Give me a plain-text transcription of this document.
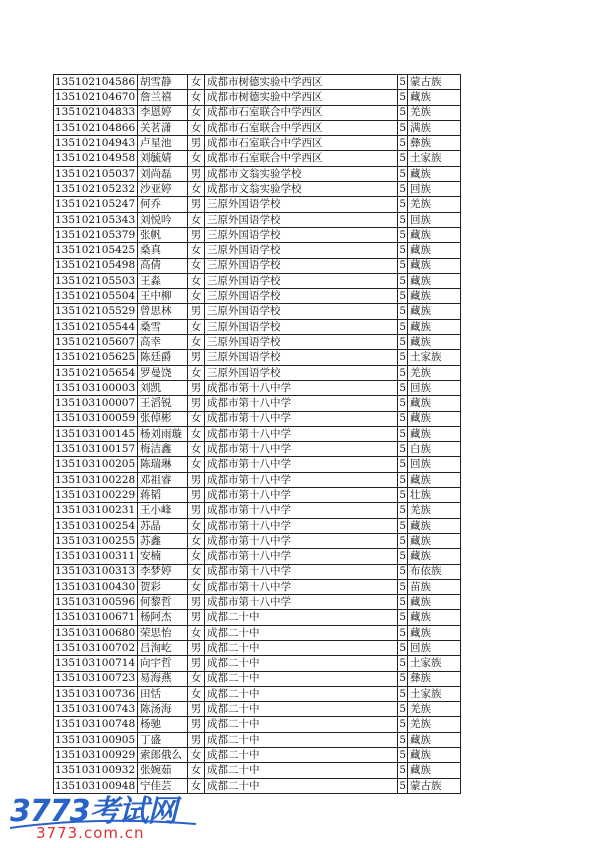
135102104586	胡雪静	女	成都市树德实验中学西区	5	蒙古族
135102104670	詹兰禧	女	成都市树德实验中学西区	5	藏族
135102104833	李恩婷	女	成都市石室联合中学西区	5	羌族
135102104866	关茗潇	女	成都市石室联合中学西区	5	满族
135102104943	卢星池	男	成都市石室联合中学西区	5	彝族
135102104958	刘毓婧	女	成都市石室联合中学西区	5	土家族
135102105037	刘尚磊	男	成都市文翁实验学校	5	藏族
135102105232	沙亚婷	女	成都市文翁实验学校	5	回族
135102105247	何乔	男	三原外国语学校	5	羌族
135102105343	刘悦吟	女	三原外国语学校	5	回族
135102105379	张帆	男	三原外国语学校	5	藏族
135102105425	桑真	女	三原外国语学校	5	藏族
135102105498	高倩	女	三原外国语学校	5	藏族
135102105503	王淼	女	三原外国语学校	5	藏族
135102105504	王中柳	女	三原外国语学校	5	藏族
135102105529	曾思林	男	三原外国语学校	5	藏族
135102105544	桑雪	女	三原外国语学校	5	藏族
135102105607	高幸	女	三原外国语学校	5	藏族
135102105625	陈廷爵	男	三原外国语学校	5	土家族
135102105654	罗曼饶	女	三原外国语学校	5	羌族
135103100003	刘凯	男	成都市第十八中学	5	回族
135103100007	王滔锐	男	成都市第十八中学	5	藏族
135103100059	张倬彬	女	成都市第十八中学	5	藏族
135103100145	杨刘雨璇	女	成都市第十八中学	5	藏族
135103100157	梅洁鑫	女	成都市第十八中学	5	白族
135103100205	陈瑞琳	女	成都市第十八中学	5	回族
135103100228	邓祖睿	男	成都市第十八中学	5	藏族
135103100229	蒋韬	男	成都市第十八中学	5	壮族
135103100231	王小峰	男	成都市第十八中学	5	羌族
135103100254	苏晶	女	成都市第十八中学	5	藏族
135103100255	苏鑫	女	成都市第十八中学	5	藏族
135103100311	安楠	女	成都市第十八中学	5	藏族
135103100313	李梦婷	女	成都市第十八中学	5	布依族
135103100430	贺彩	女	成都市第十八中学	5	苗族
135103100596	何黎哲	男	成都市第十八中学	5	藏族
135103100671	杨阿杰	男	成都二十中	5	藏族
135103100680	荣思怡	女	成都二十中	5	藏族
135103100702	吕洵屹	男	成都二十中	5	回族
135103100714	向宇哲	男	成都二十中	5	土家族
135103100723	易海燕	女	成都二十中	5	彝族
135103100736	田恬	女	成都二十中	5	土家族
135103100743	陈汤海	男	成都二十中	5	羌族
135103100748	杨驰	男	成都二十中	5	羌族
135103100905	丁盛	男	成都二十中	5	藏族
135103100929	索郎俄么	女	成都二十中	5	藏族
135103100932	张婉茹	女	成都二十中	5	藏族
135103100948	宁佳芸	女	成都二十中	5	蒙古族
3773考试网
3773.com.cn
